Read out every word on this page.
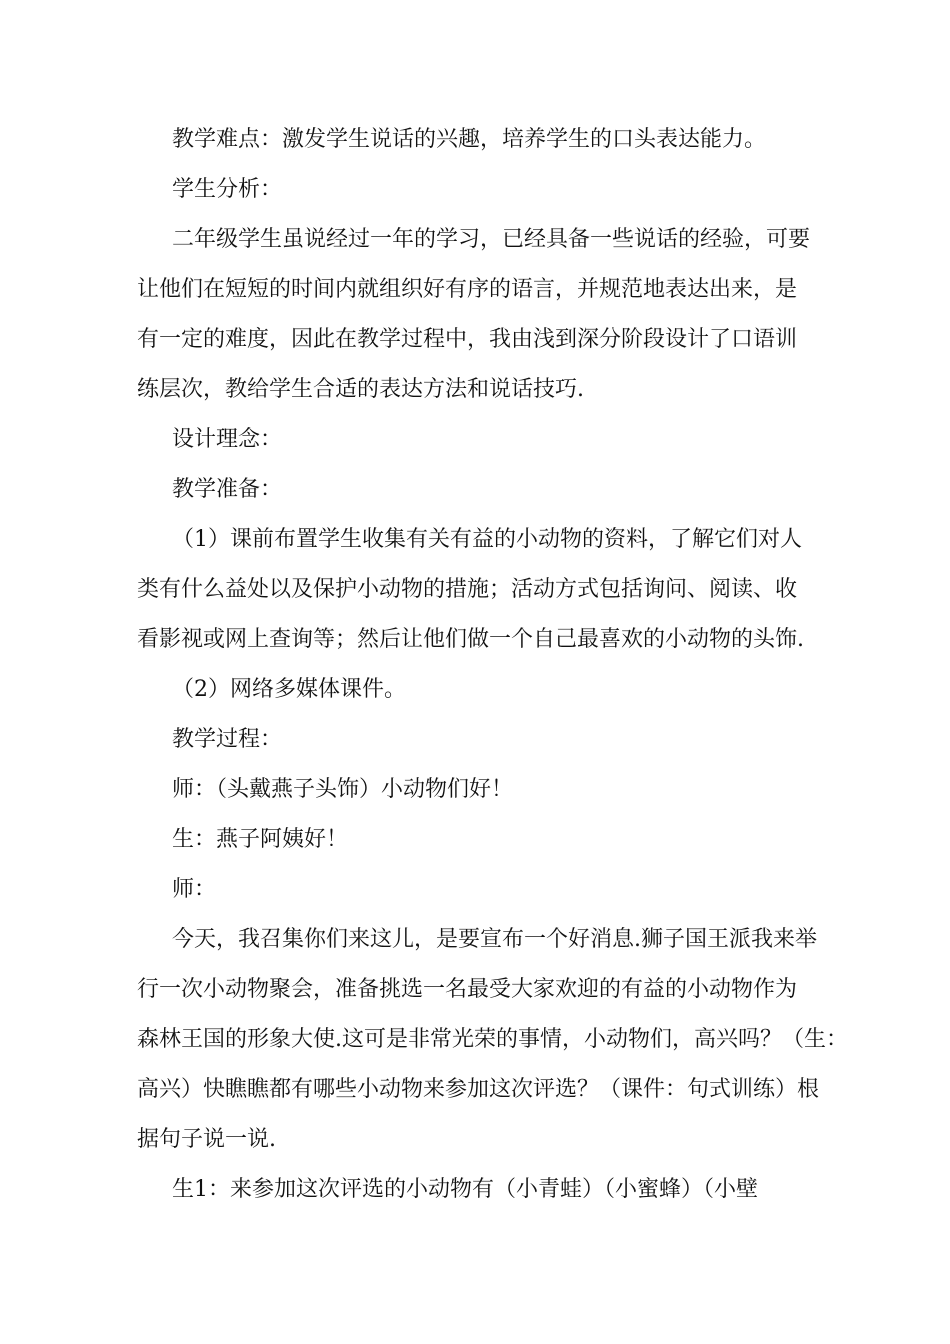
教学难点：激发学生说话的兴趣，培养学生的口头表达能力。
学生分析：
二年级学生虽说经过一年的学习，已经具备一些说话的经验，可要
让他们在短短的时间内就组织好有序的语言，并规范地表达出来，是
有一定的难度，因此在教学过程中，我由浅到深分阶段设计了口语训
练层次，教给学生合适的表达方法和说话技巧.
设计理念：
教学准备：
（1）课前布置学生收集有关有益的小动物的资料，了解它们对人
类有什么益处以及保护小动物的措施；活动方式包括询问、阅读、收
看影视或网上查询等；然后让他们做一个自己最喜欢的小动物的头饰.
（2）网络多媒体课件。
教学过程：
师：（头戴燕子头饰）小动物们好！
生：燕子阿姨好！
师：
今天，我召集你们来这儿，是要宣布一个好消息.狮子国王派我来举
行一次小动物聚会，准备挑选一名最受大家欢迎的有益的小动物作为
森林王国的形象大使.这可是非常光荣的事情，小动物们，高兴吗？（生：
高兴）快瞧瞧都有哪些小动物来参加这次评选？（课件：句式训练）根
据句子说一说.
生1：来参加这次评选的小动物有（小青蛙）（小蜜蜂）（小壁
